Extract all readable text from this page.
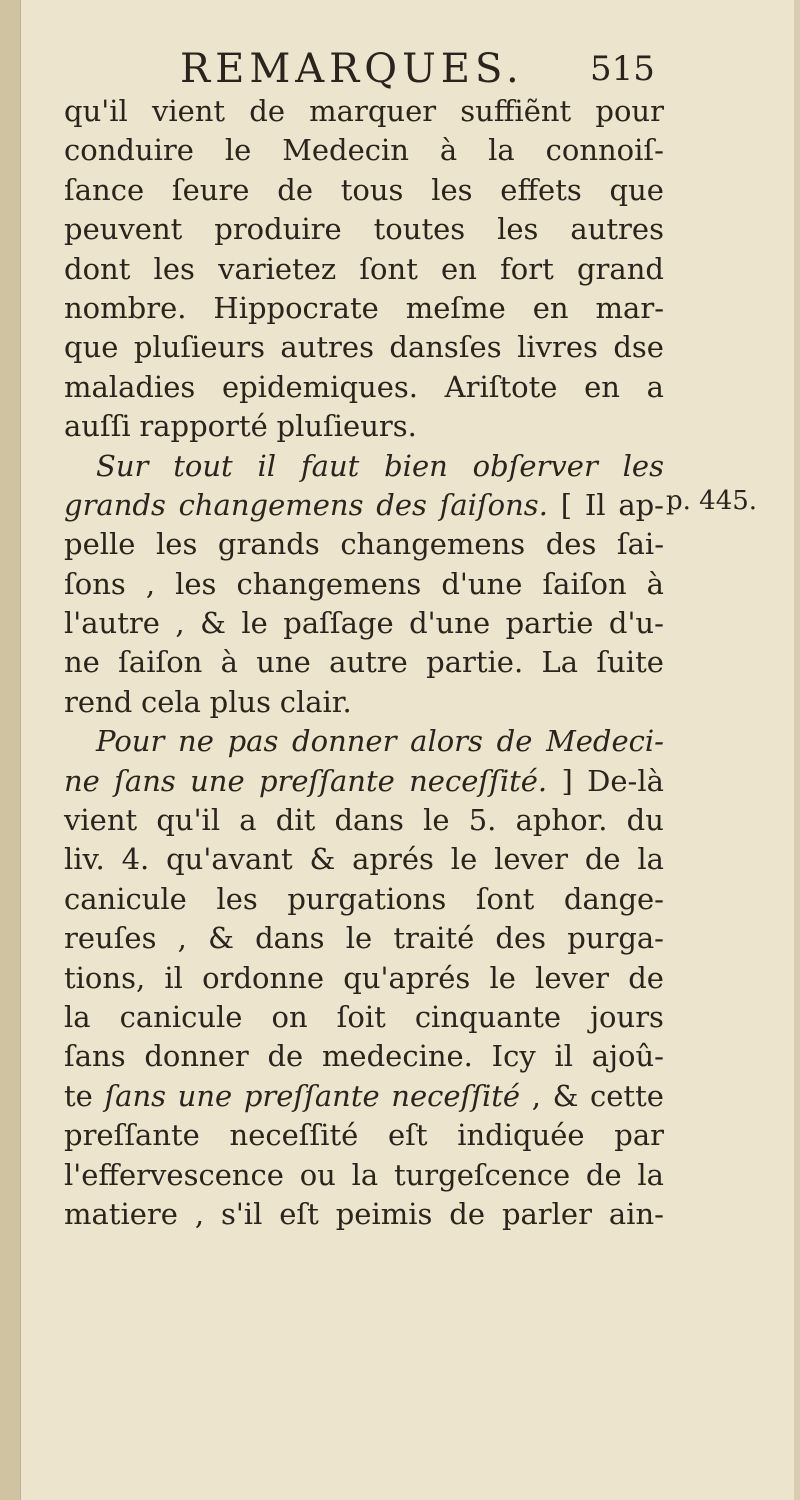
REMARQUES. 515
qu'il vient de marquer suffiẽnt pour
conduire le Medecin à la connoiſ-
ſance ſeure de tous les effets que
peuvent produire toutes les autres
dont les varietez ſont en fort grand
nombre. Hippocrate meſme en mar-
que pluſieurs autres dansſes livres dse
maladies epidemiques. Ariſtote en a
auſſi rapporté pluſieurs.
Sur tout il faut bien obſerver les
grands changemens des ſaiſons. [ Il ap-
pelle les grands changemens des ſai-
ſons , les changemens d'une ſaiſon à
l'autre , & le paſſage d'une partie d'u-
ne ſaiſon à une autre partie. La ſuite
rend cela plus clair.
Pour ne pas donner alors de Medeci-
ne ſans une preſſante neceſſité. ] De-là
vient qu'il a dit dans le 5. aphor. du
liv. 4. qu'avant & aprés le lever de la
canicule les purgations ſont dange-
reuſes , & dans le traité des purga-
tions, il ordonne qu'aprés le lever de
la canicule on ſoit cinquante jours
ſans donner de medecine. Icy il ajoû-
te ſans une preſſante neceſſité , & cette
preſſante neceſſité eſt indiquée par
l'effervescence ou la turgeſcence de la
matiere , s'il eſt peimis de parler ain-
p. 445.
